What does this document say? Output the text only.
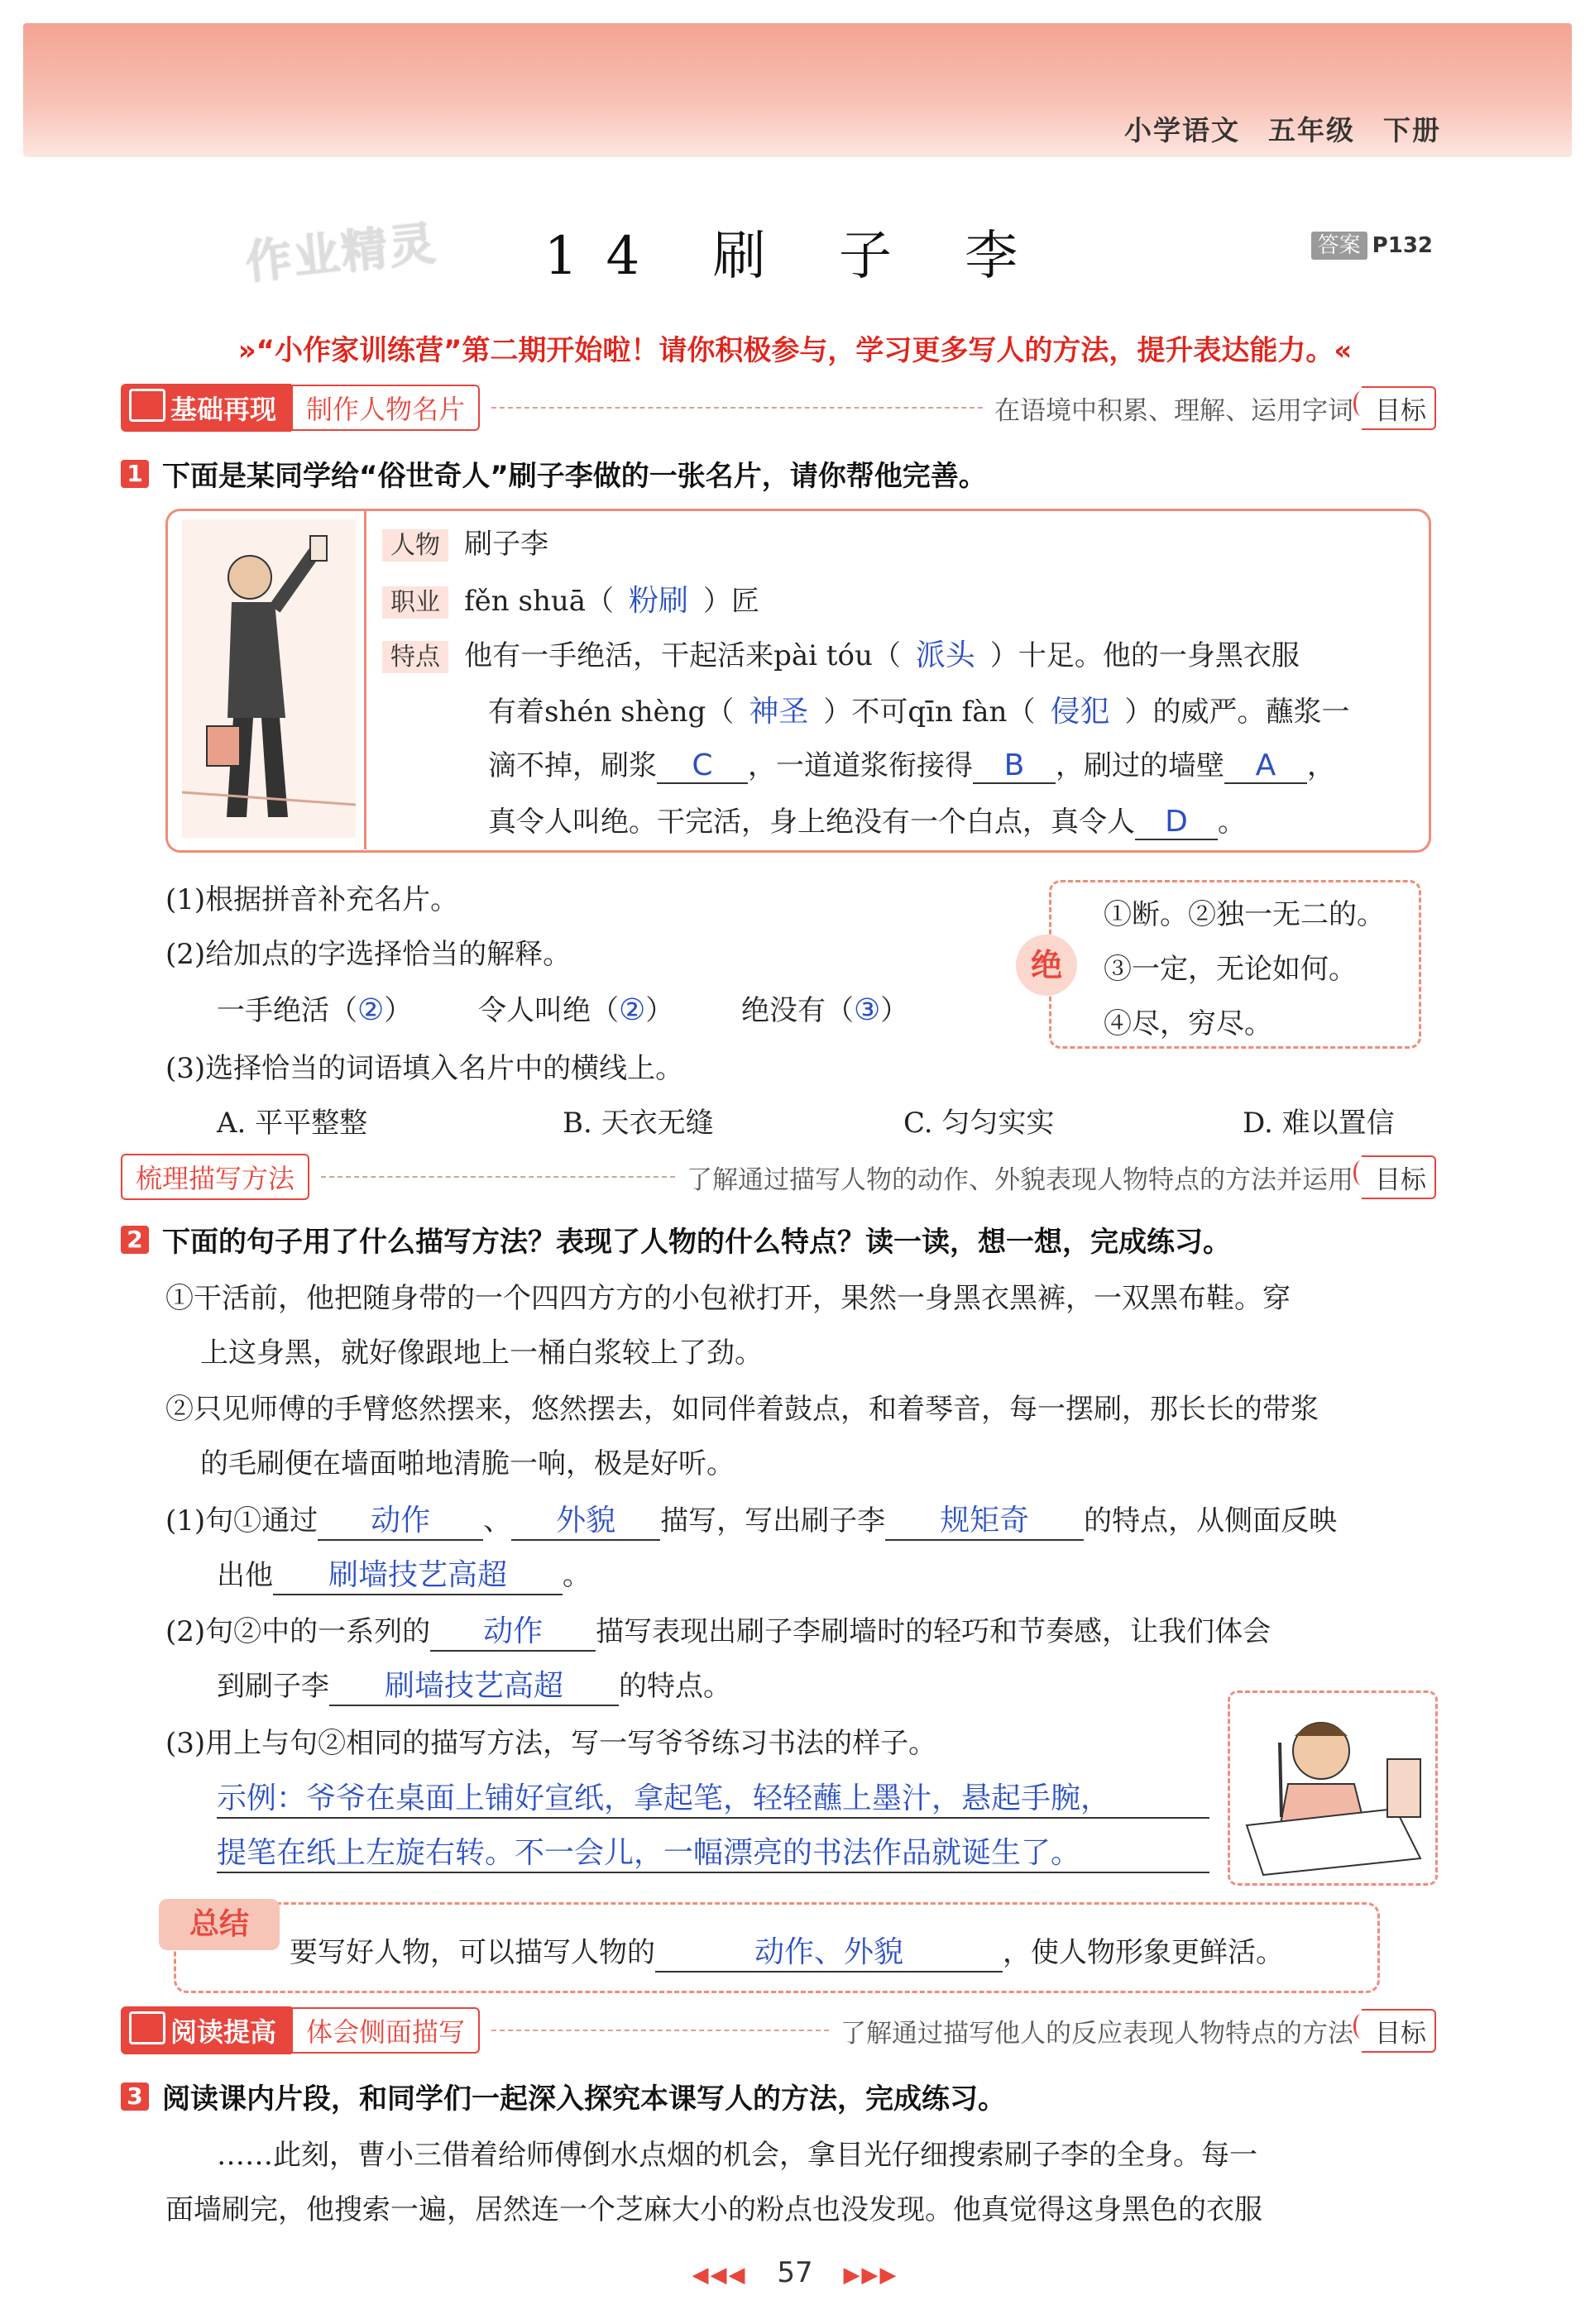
小学语文 五年级 下册
作业精灵	14 刷 子 李	答案 P132
»“小作家训练营”第二期开始啦！请你积极参与，学习更多写人的方法，提升表达能力。«
基础再现	制作人物名片	在语境中积累、理解、运用字词 目标
1 下面是某同学给“俗世奇人”刷子李做的一张名片，请你帮他完善。
人物 刷子李
职业 fěn shuā（ 粉刷 ）匠
特点 他有一手绝活，干起活来pài tóu（ 派头 ）十足。他的一身黑衣服
有着shén shèng（ 神圣 ）不可qīn fàn（ 侵犯 ）的威严。蘸浆一
滴不掉，刷浆 C ，一道道浆衔接得 B ，刷过的墙壁 A ，
真令人叫绝。干完活，身上绝没有一个白点，真令人 D 。
(1)根据拼音补充名片。
(2)给加点的字选择恰当的解释。
一手绝活（②） 令人叫绝（②） 绝没有（③）
绝
①断。②独一无二的。
③一定，无论如何。
④尽，穷尽。
(3)选择恰当的词语填入名片中的横线上。
A. 平平整整	B. 天衣无缝	C. 匀匀实实	D. 难以置信
梳理描写方法	了解通过描写人物的动作、外貌表现人物特点的方法并运用 目标
2 下面的句子用了什么描写方法？表现了人物的什么特点？读一读，想一想，完成练习。
①干活前，他把随身带的一个四四方方的小包袱打开，果然一身黑衣黑裤，一双黑布鞋。穿
上这身黑，就好像跟地上一桶白浆较上了劲。
②只见师傅的手臂悠然摆来，悠然摆去，如同伴着鼓点，和着琴音，每一摆刷，那长长的带浆
的毛刷便在墙面啪地清脆一响，极是好听。
(1)句①通过 动作 、 外貌 描写，写出刷子李 规矩奇 的特点，从侧面反映
出他 刷墙技艺高超 。
(2)句②中的一系列的 动作 描写表现出刷子李刷墙时的轻巧和节奏感，让我们体会
到刷子李 刷墙技艺高超 的特点。
(3)用上与句②相同的描写方法，写一写爷爷练习书法的样子。
示例：爷爷在桌面上铺好宣纸，拿起笔，轻轻蘸上墨汁，悬起手腕，
提笔在纸上左旋右转。不一会儿，一幅漂亮的书法作品就诞生了。
总结
要写好人物，可以描写人物的	动作、外貌	，使人物形象更鲜活。
阅读提高	体会侧面描写	了解通过描写他人的反应表现人物特点的方法 目标
3 阅读课内片段，和同学们一起深入探究本课写人的方法，完成练习。
……此刻，曹小三借着给师傅倒水点烟的机会，拿目光仔细搜索刷子李的全身。每一
面墙刷完，他搜索一遍，居然连一个芝麻大小的粉点也没发现。他真觉得这身黑色的衣服
◀◀◀ 57 ▶▶▶
